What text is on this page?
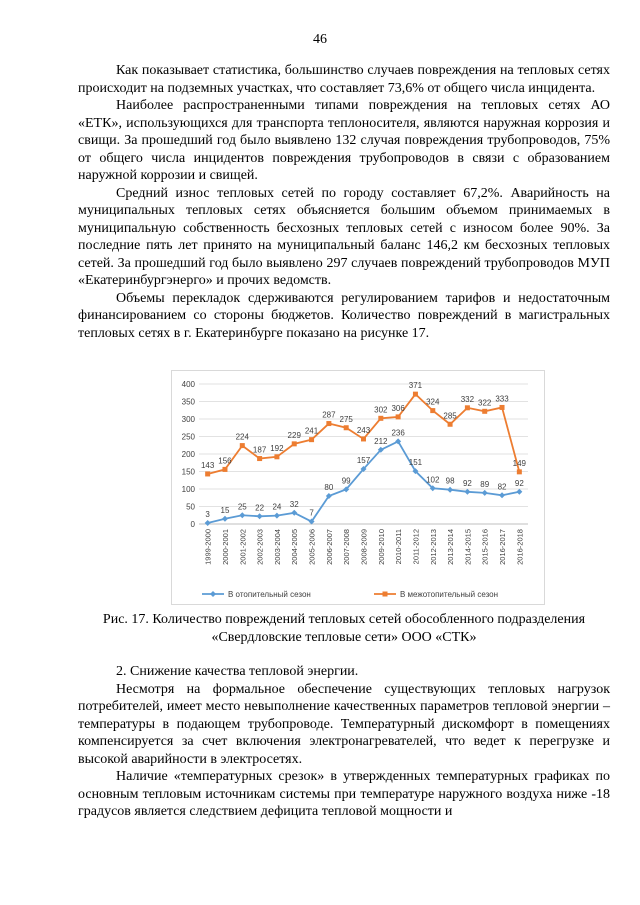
46

Как показывает статистика, большинство случаев повреждения на тепловых сетях происходит на подземных участках, что составляет 73,6% от общего числа инцидента.

Наиболее распространенными типами повреждения на тепловых сетях АО «ЕТК», использующихся для транспорта теплоносителя, являются наружная коррозия и свищи. За прошедший год было выявлено 132 случая повреждения трубопроводов, 75% от общего числа инцидентов повреждения трубопроводов в связи с образованием наружной коррозии и свищей.

Средний износ тепловых сетей по городу составляет 67,2%. Аварийность на муниципальных тепловых сетях объясняется большим объемом принимаемых в муниципальную собственность бесхозных тепловых сетей с износом более 90%. За последние пять лет принято на муниципальный баланс 146,2 км бесхозных тепловых сетей. За прошедший год было выявлено 297 случаев повреждений трубопроводов МУП «Екатеринбургэнерго» и прочих ведомств.

Объемы перекладок сдерживаются регулированием тарифов и недостаточным финансированием со стороны бюджетов. Количество повреждений в магистральных тепловых сетях в г. Екатеринбурге показано на рисунке 17.

0
50
100
150
200
250
300
350
400
1999-2000 2000-2001 2001-2002 2002-2003 2003-2004 2004-2005 2005-2006 2006-2007 2007-2008 2008-2009 2009-2010 2010-2011 2011-2012 2012-2013 2013-2014 2014-2015 2015-2016 2016-2017 2016-2018
3 15 25 22 24 32
7
80
99
157
212
236
151
102 98 92 89 82 92
143
156
224
187 192
229 241
287 275
243
302 306
371
324
285
332 322 333
149
В отопительный сезон	В межотопительный сезон
Рис. 17. Количество повреждений тепловых сетей обособленного подразделения «Свердловские тепловые сети» ООО «СТК»

2. Снижение качества тепловой энергии.

Несмотря на формальное обеспечение существующих тепловых нагрузок потребителей, имеет место невыполнение качественных параметров тепловой энергии – температуры в подающем трубопроводе. Температурный дискомфорт в помещениях компенсируется за счет включения электронагревателей, что ведет к перегрузке и высокой аварийности в электросетях.

Наличие «температурных срезок» в утвержденных температурных графиках по основным тепловым источникам системы при температуре наружного воздуха ниже -18 градусов является следствием дефицита тепловой мощности и
